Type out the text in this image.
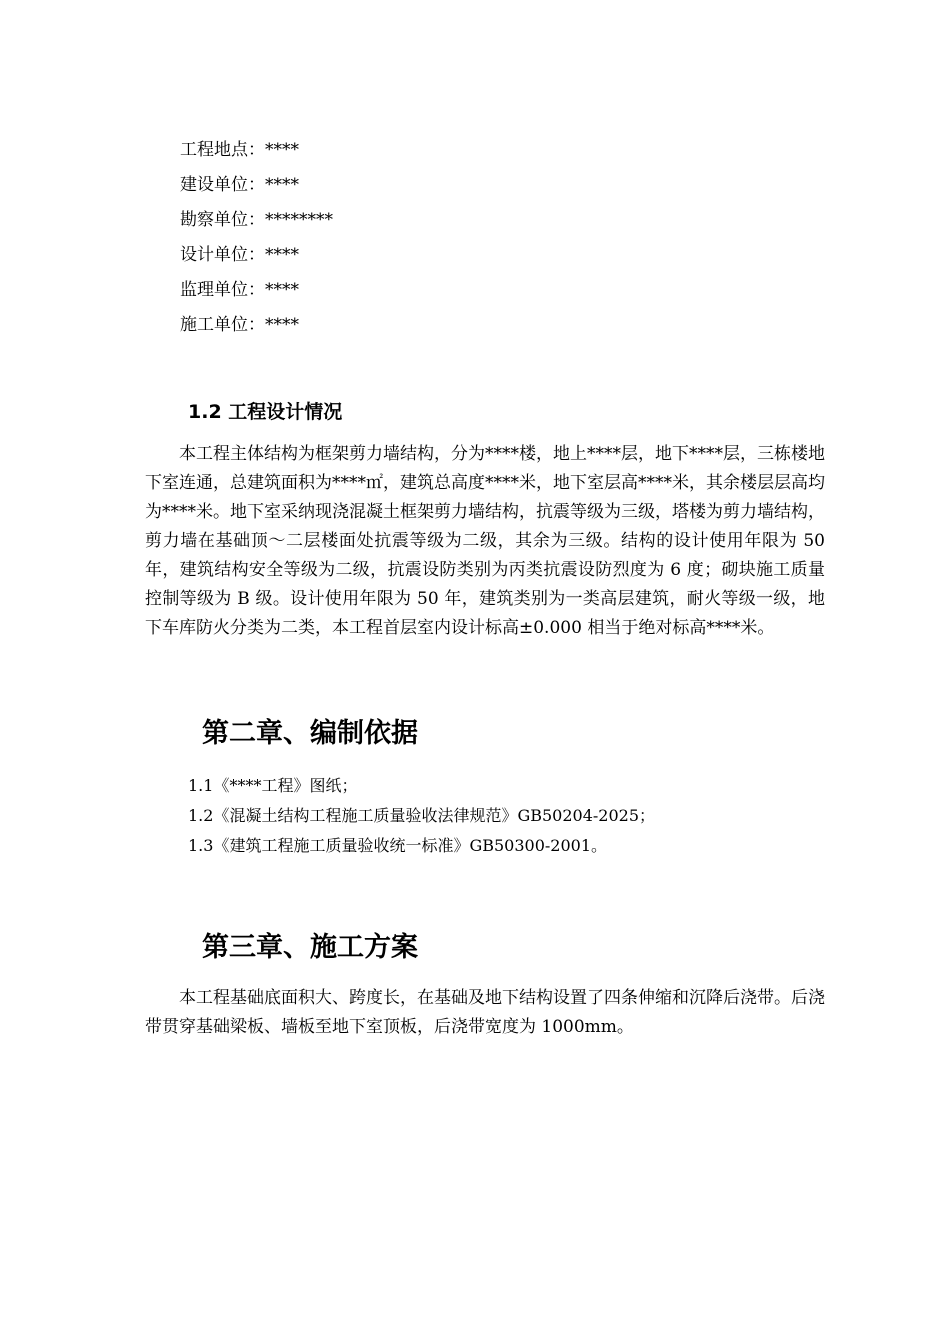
工程地点：****
建设单位：****
勘察单位：********
设计单位：****
监理单位：****
施工单位：****
1.2 工程设计情况

本工程主体结构为框架剪力墙结构，分为****楼，地上****层，地下****层，三栋楼地下室连通，总建筑面积为****㎡，建筑总高度****米，地下室层高****米，其余楼层层高均为****米。地下室采纳现浇混凝土框架剪力墙结构，抗震等级为三级，塔楼为剪力墙结构，剪力墙在基础顶～二层楼面处抗震等级为二级，其余为三级。结构的设计使用年限为 50 年，建筑结构安全等级为二级，抗震设防类别为丙类抗震设防烈度为 6 度；砌块施工质量控制等级为 B 级。设计使用年限为 50 年，建筑类别为一类高层建筑，耐火等级一级，地下车库防火分类为二类，本工程首层室内设计标高±0.000 相当于绝对标高****米。

第二章、编制依据
1.1《****工程》图纸；
1.2《混凝土结构工程施工质量验收法律规范》GB50204-2025；
1.3《建筑工程施工质量验收统一标准》GB50300-2001。
第三章、施工方案

本工程基础底面积大、跨度长，在基础及地下结构设置了四条伸缩和沉降后浇带。后浇带贯穿基础梁板、墙板至地下室顶板，后浇带宽度为 1000mm。
